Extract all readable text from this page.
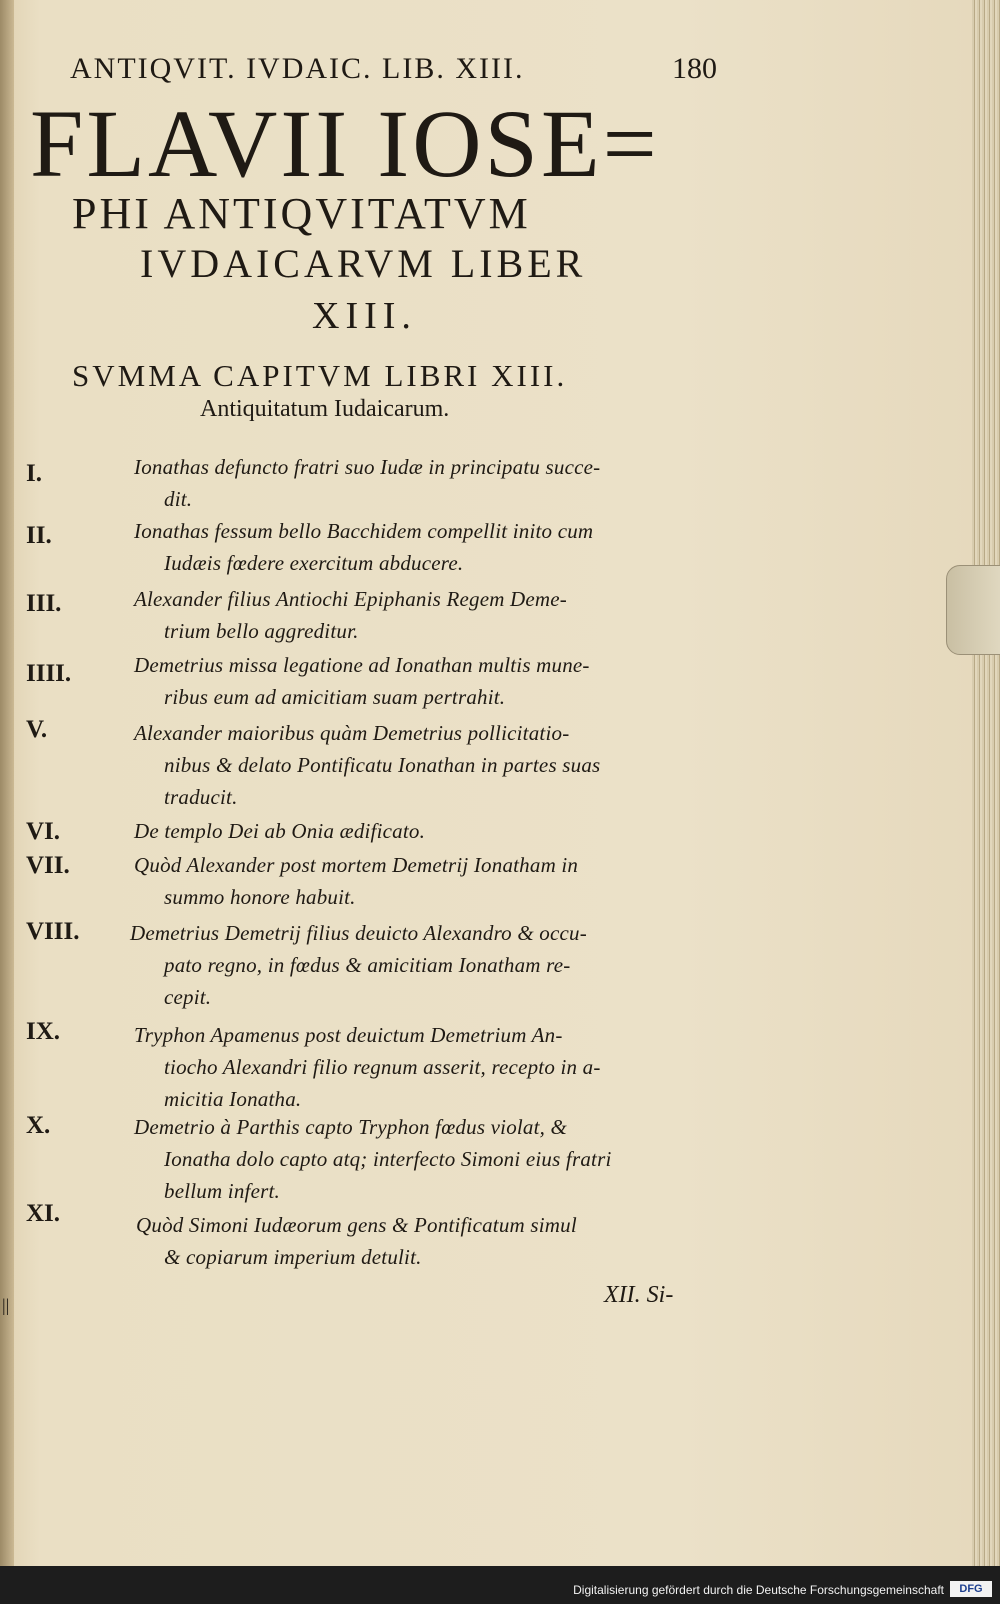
ANTIQVIT. IVDAIC. LIB. XIII.	180
FLAVII IOSE=
PHI ANTIQVITATVM
IVDAICARVM LIBER
XIII.
SVMMA CAPITVM LIBRI XIII.
Antiquitatum Iudaicarum.
I.	Ionathas defuncto fratri suo Iudæ in principatu succe-
dit.
II.	Ionathas fessum bello Bacchidem compellit inito cum
Iudæis fœdere exercitum abducere.
III.	Alexander filius Antiochi Epiphanis Regem Deme-
trium bello aggreditur.
IIII.	Demetrius missa legatione ad Ionathan multis mune-
ribus eum ad amicitiam suam pertrahit.
V.	Alexander maioribus quàm Demetrius pollicitatio-
nibus & delato Pontificatu Ionathan in partes suas
traducit.
VI.	De templo Dei ab Onia ædificato.
VII.	Quòd Alexander post mortem Demetrij Ionatham in
summo honore habuit.
VIII. Demetrius Demetrij filius deuicto Alexandro & occu-
pato regno, in fœdus & amicitiam Ionatham re-
cepit.
IX.	Tryphon Apamenus post deuictum Demetrium An-
tiocho Alexandri filio regnum asserit, recepto in a-
micitia Ionatha.
X.	Demetrio à Parthis capto Tryphon fœdus violat, &
Ionatha dolo capto atq; interfecto Simoni eius fratri
bellum infert.
XI.	Quòd Simoni Iudæorum gens & Pontificatum simul
& copiarum imperium detulit.
XII. Si-
||
Digitalisierung gefördert durch die Deutsche Forschungsgemeinschaft	DFG
